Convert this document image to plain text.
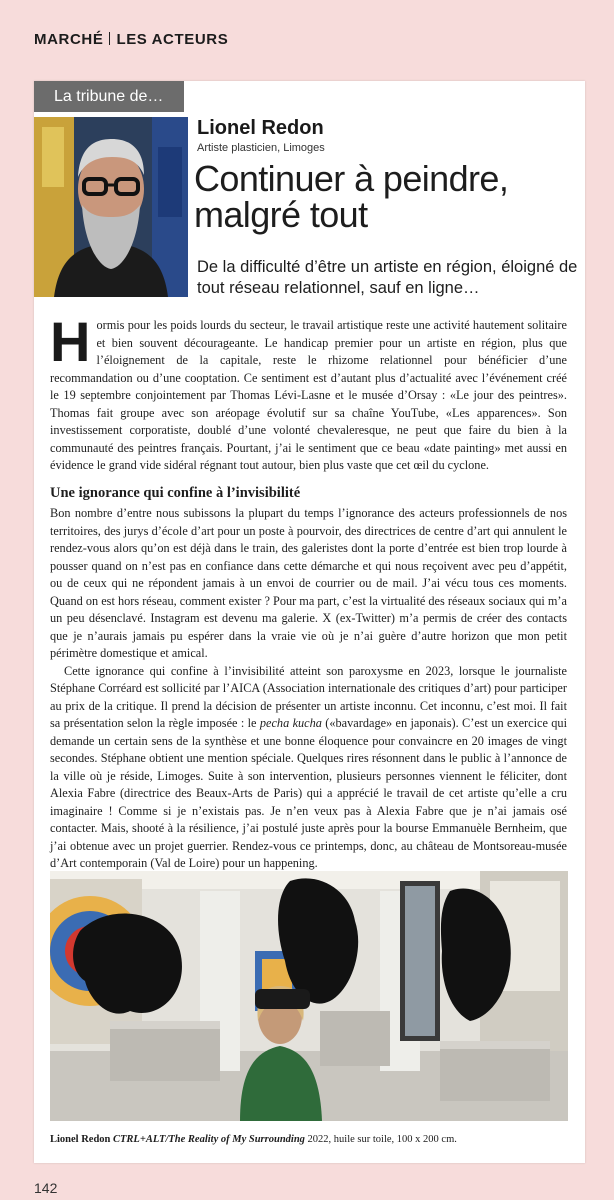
MARCHÉ LES ACTEURS
La tribune de…
Lionel Redon
Artiste plasticien, Limoges
Continuer à peindre, malgré tout

De la difficulté d’être un artiste en région, éloigné de tout réseau relationnel, sauf en ligne…

Hormis pour les poids lourds du secteur, le travail artistique reste une activité hautement solitaire et bien souvent décourageante. Le handicap premier pour un artiste en région, plus que l’éloignement de la capitale, reste le rhizome relationnel pour bénéficier d’une recommandation ou d’une cooptation. Ce sentiment est d’autant plus d’actualité avec l’événement créé le 19 septembre conjointement par Thomas Lévi-Lasne et le musée d’Orsay : «Le jour des peintres». Thomas fait groupe avec son aréopage évolutif sur sa chaîne YouTube, «Les apparences». Son investissement corporatiste, doublé d’une volonté chevaleresque, ne peut que faire du bien à la communauté des peintres français. Pourtant, j’ai le sentiment que ce beau «date painting» met aussi en évidence le grand vide sidéral régnant tout autour, bien plus vaste que cet œil du cyclone.

Une ignorance qui confine à l’invisibilité

Bon nombre d’entre nous subissons la plupart du temps l’ignorance des acteurs professionnels de nos territoires, des jurys d’école d’art pour un poste à pourvoir, des directrices de centre d’art qui annulent le rendez-vous alors qu’on est déjà dans le train, des galeristes dont la porte d’entrée est bien trop lourde à pousser quand on n’est pas en confiance dans cette démarche et qui nous reçoivent avec peu d’appétit, ou de ceux qui ne répondent jamais à un envoi de courrier ou de mail. J’ai vécu tous ces moments. Quand on est hors réseau, comment exister ? Pour ma part, c’est la virtualité des réseaux sociaux qui m’a un peu désenclavé. Instagram est devenu ma galerie. X (ex-Twitter) m’a permis de créer des contacts que je n’aurais jamais pu espérer dans la vraie vie où je n’ai guère d’autre horizon que mon petit périmètre domestique et amical.

Cette ignorance qui confine à l’invisibilité atteint son paroxysme en 2023, lorsque le journaliste Stéphane Corréard est sollicité par l’AICA (Association internationale des critiques d’art) pour participer au prix de la critique. Il prend la décision de présenter un artiste inconnu. Cet inconnu, c’est moi. Il fait sa présentation selon la règle imposée : le pecha kucha («bavardage» en japonais). C’est un exercice qui demande un certain sens de la synthèse et une bonne éloquence pour convaincre en 20 images de vingt secondes. Stéphane obtient une mention spéciale. Quelques rires résonnent dans le public à l’annonce de la ville où je réside, Limoges. Suite à son intervention, plusieurs personnes viennent le féliciter, dont Alexia Fabre (directrice des Beaux-Arts de Paris) qui a apprécié le travail de cet artiste qu’elle a cru imaginaire ! Comme si je n’existais pas. Je n’en veux pas à Alexia Fabre que je n’ai jamais osé contacter. Mais, shooté à la résilience, j’ai postulé juste après pour la bourse Emmanuèle Bernheim, que j’ai obtenue avec un projet guerrier. Rendez-vous ce printemps, donc, au château de Montsoreau-musée d’Art contemporain (Val de Loire) pour un happening.

Lionel Redon CTRL+ALT/The Reality of My Surrounding 2022, huile sur toile, 100 x 200 cm.
142
